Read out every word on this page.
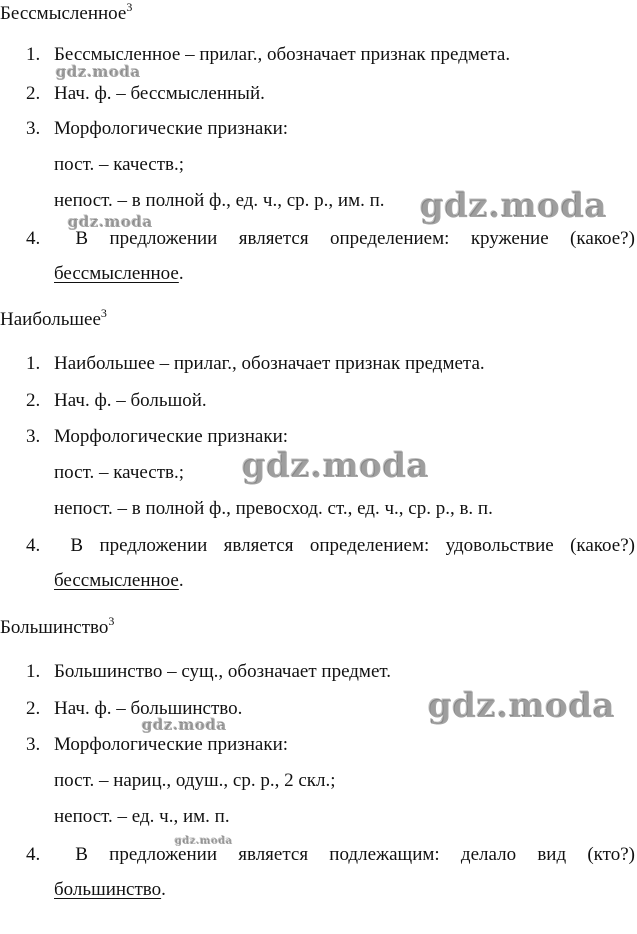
Бессмысленное$^3$
1. Бессмысленное – прилаг., обозначает признак предмета.
2. Нач. ф. – бессмысленный.
3. Морфологические признаки:
пост. – качеств.;
непост. – в полной ф., ед. ч., ср. р., им. п.
4.	В предложении является определением: кружение (какое?)
бессмысленное.
Наибольшее$^3$
1. Наибольшее – прилаг., обозначает признак предмета.
2. Нач. ф. – большой.
3. Морфологические признаки:
пост. – качеств.;
непост. – в полной ф., превосход. ст., ед. ч., ср. р., в. п.
4.	В предложении является определением: удовольствие (какое?)
бессмысленное.
Большинство$^3$
1. Большинство – сущ., обозначает предмет.
2. Нач. ф. – большинство.
3. Морфологические признаки:
пост. – нариц., одуш., ср. р., 2 скл.;
непост. – ед. ч., им. п.
4.	В предложении является подлежащим: делало вид (кто?)
большинство.
gdz.moda
gdz.moda
gdz.moda
gdz.moda
gdz.moda
gdz.moda
gdz.moda
